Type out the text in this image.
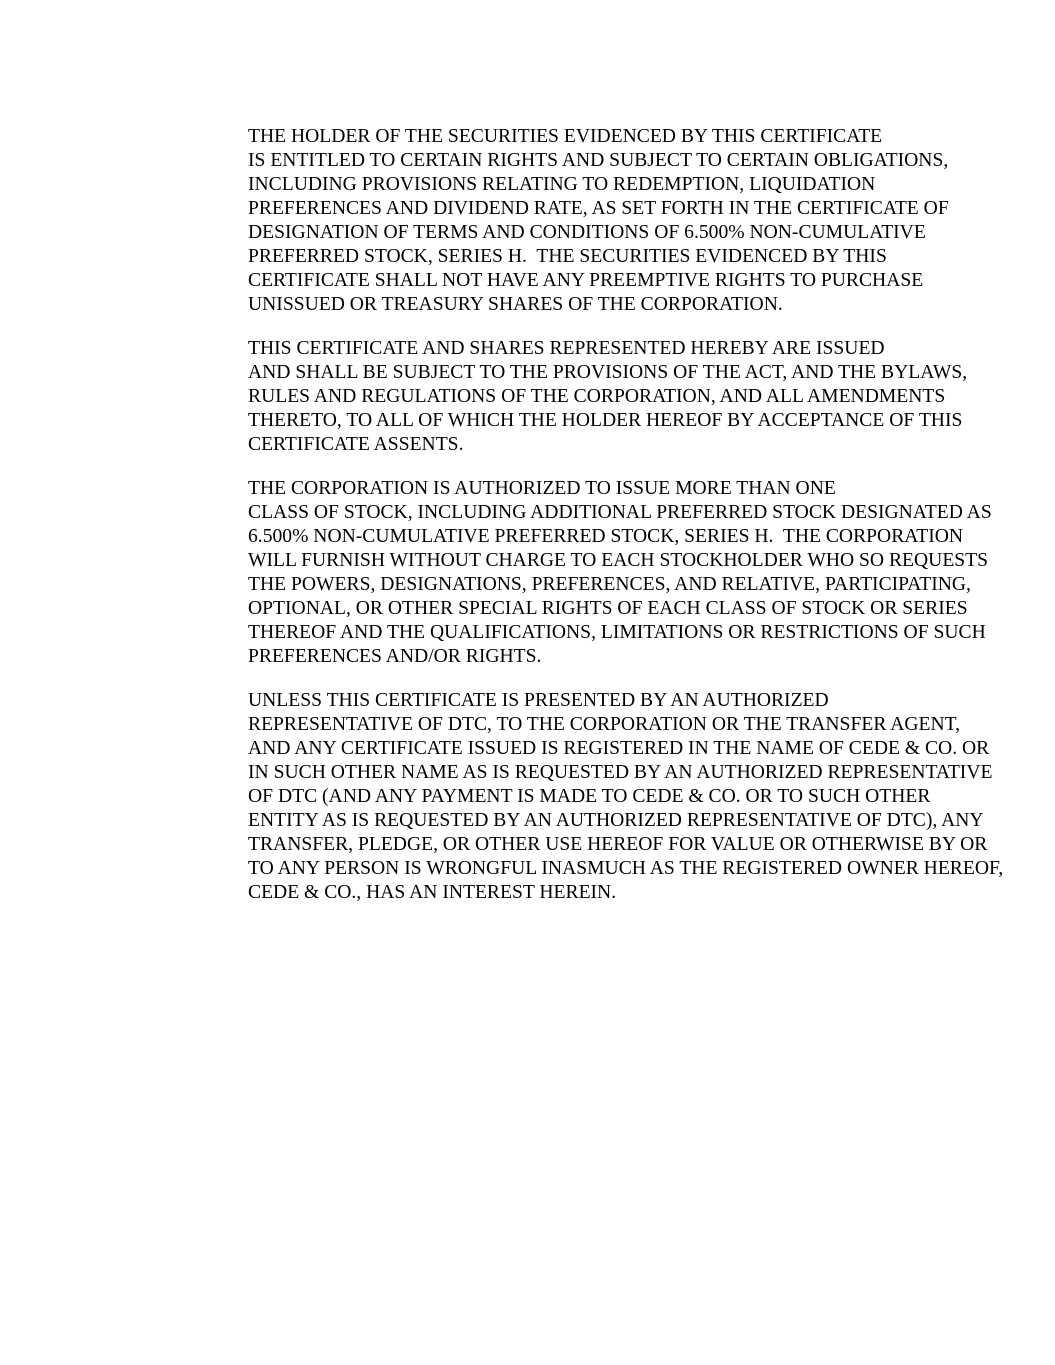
THE HOLDER OF THE SECURITIES EVIDENCED BY THIS CERTIFICATE
IS ENTITLED TO CERTAIN RIGHTS AND SUBJECT TO CERTAIN OBLIGATIONS,
INCLUDING PROVISIONS RELATING TO REDEMPTION, LIQUIDATION
PREFERENCES AND DIVIDEND RATE, AS SET FORTH IN THE CERTIFICATE OF
DESIGNATION OF TERMS AND CONDITIONS OF 6.500% NON-CUMULATIVE
PREFERRED STOCK, SERIES H.  THE SECURITIES EVIDENCED BY THIS
CERTIFICATE SHALL NOT HAVE ANY PREEMPTIVE RIGHTS TO PURCHASE
UNISSUED OR TREASURY SHARES OF THE CORPORATION.

THIS CERTIFICATE AND SHARES REPRESENTED HEREBY ARE ISSUED
AND SHALL BE SUBJECT TO THE PROVISIONS OF THE ACT, AND THE BYLAWS,
RULES AND REGULATIONS OF THE CORPORATION, AND ALL AMENDMENTS
THERETO, TO ALL OF WHICH THE HOLDER HEREOF BY ACCEPTANCE OF THIS
CERTIFICATE ASSENTS.

THE CORPORATION IS AUTHORIZED TO ISSUE MORE THAN ONE
CLASS OF STOCK, INCLUDING ADDITIONAL PREFERRED STOCK DESIGNATED AS
6.500% NON-CUMULATIVE PREFERRED STOCK, SERIES H.  THE CORPORATION
WILL FURNISH WITHOUT CHARGE TO EACH STOCKHOLDER WHO SO REQUESTS
THE POWERS, DESIGNATIONS, PREFERENCES, AND RELATIVE, PARTICIPATING,
OPTIONAL, OR OTHER SPECIAL RIGHTS OF EACH CLASS OF STOCK OR SERIES
THEREOF AND THE QUALIFICATIONS, LIMITATIONS OR RESTRICTIONS OF SUCH
PREFERENCES AND/OR RIGHTS.

UNLESS THIS CERTIFICATE IS PRESENTED BY AN AUTHORIZED
REPRESENTATIVE OF DTC, TO THE CORPORATION OR THE TRANSFER AGENT,
AND ANY CERTIFICATE ISSUED IS REGISTERED IN THE NAME OF CEDE & CO. OR
IN SUCH OTHER NAME AS IS REQUESTED BY AN AUTHORIZED REPRESENTATIVE
OF DTC (AND ANY PAYMENT IS MADE TO CEDE & CO. OR TO SUCH OTHER
ENTITY AS IS REQUESTED BY AN AUTHORIZED REPRESENTATIVE OF DTC), ANY
TRANSFER, PLEDGE, OR OTHER USE HEREOF FOR VALUE OR OTHERWISE BY OR
TO ANY PERSON IS WRONGFUL INASMUCH AS THE REGISTERED OWNER HEREOF,
CEDE & CO., HAS AN INTEREST HEREIN.
